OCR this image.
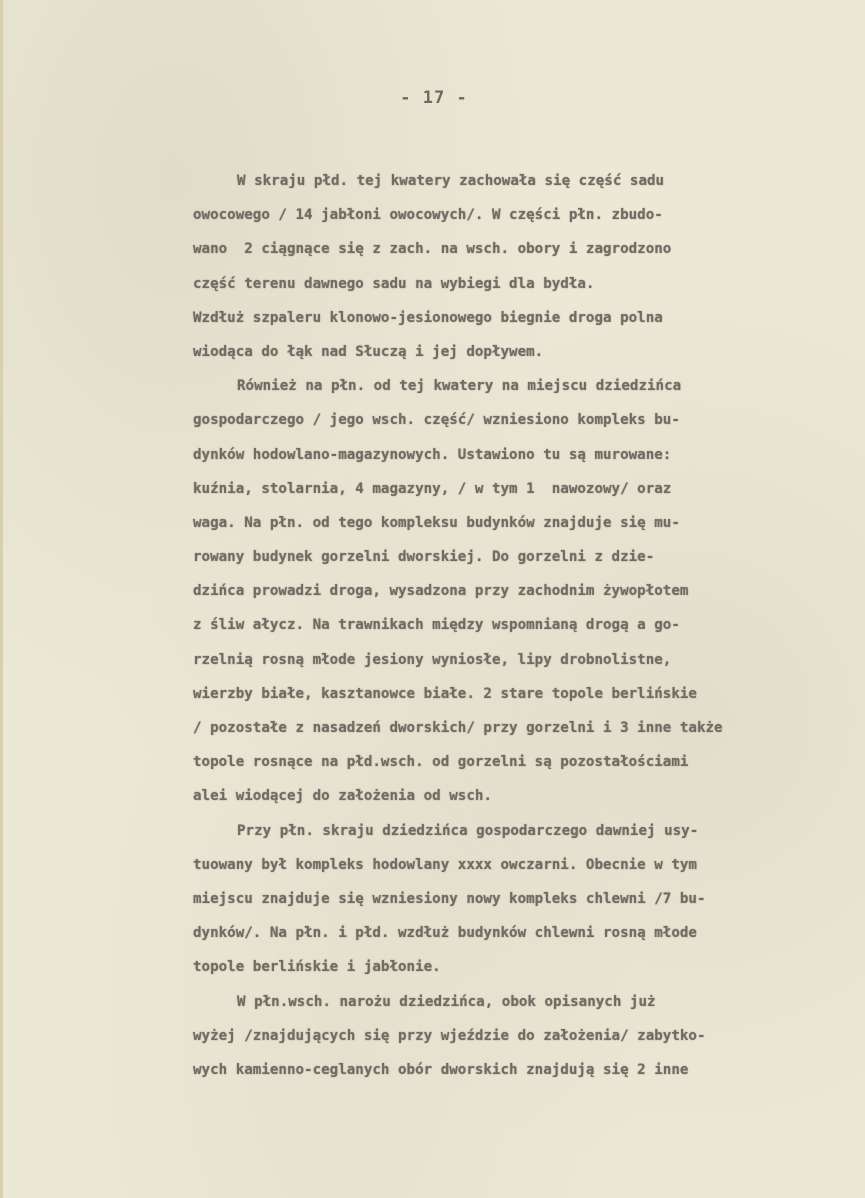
- 17 -
W skraju płd. tej kwatery zachowała się część sadu
owocowego / 14 jabłoni owocowych/. W części płn. zbudo-
wano  2 ciągnące się z zach. na wsch. obory i zagrodzono
część terenu dawnego sadu na wybiegi dla bydła.
Wzdłuż szpaleru klonowo-jesionowego biegnie droga polna
wiodąca do łąk nad Słuczą i jej dopływem.
Również na płn. od tej kwatery na miejscu dziedzińca
gospodarczego / jego wsch. część/ wzniesiono kompleks bu-
dynków hodowlano-magazynowych. Ustawiono tu są murowane:
kuźnia, stolarnia, 4 magazyny, / w tym 1  nawozowy/ oraz
waga. Na płn. od tego kompleksu budynków znajduje się mu-
rowany budynek gorzelni dworskiej. Do gorzelni z dzie-
dzińca prowadzi droga, wysadzona przy zachodnim żywopłotem
z śliw ałycz. Na trawnikach między wspomnianą drogą a go-
rzelnią rosną młode jesiony wyniosłe, lipy drobnolistne,
wierzby białe, kasztanowce białe. 2 stare topole berlińskie
/ pozostałe z nasadzeń dworskich/ przy gorzelni i 3 inne także
topole rosnące na płd.wsch. od gorzelni są pozostałościami
alei wiodącej do założenia od wsch.
Przy płn. skraju dziedzińca gospodarczego dawniej usy-
tuowany był kompleks hodowlany xxxx owczarni. Obecnie w tym
miejscu znajduje się wzniesiony nowy kompleks chlewni /7 bu-
dynków/. Na płn. i płd. wzdłuż budynków chlewni rosną młode
topole berlińskie i jabłonie.
W płn.wsch. narożu dziedzińca, obok opisanych już
wyżej /znajdujących się przy wjeździe do założenia/ zabytko-
wych kamienno-ceglanych obór dworskich znajdują się 2 inne
